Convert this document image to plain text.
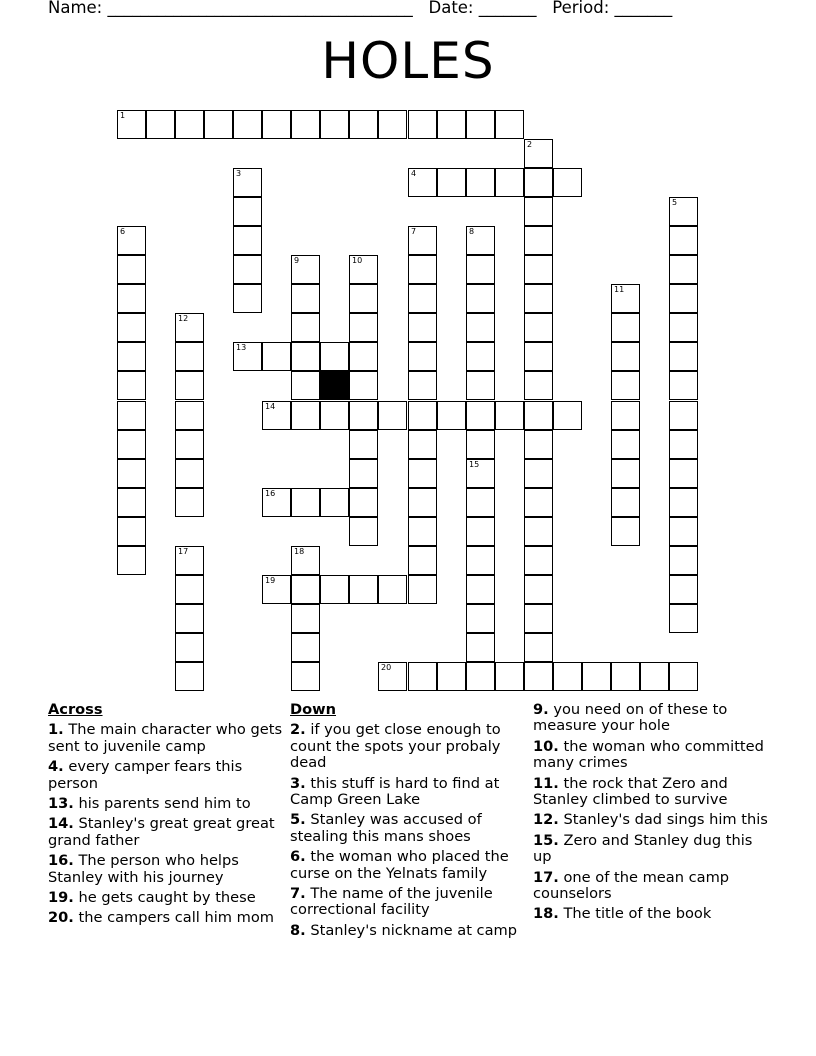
Name: _____________________________________ Date: _______ Period: _______
HOLES
1
2
3	4
5
6	7	8
9	10
11
12
13
14
15
16
17	18
19
20
Across
1. The main character who gets sent to juvenile camp
4. every camper fears this person
13. his parents send him to
14. Stanley's great great great grand father
16. The person who helps Stanley with his journey
19. he gets caught by these
20. the campers call him mom
Down
2. if you get close enough to count the spots your probaly dead
3. this stuff is hard to find at Camp Green Lake
5. Stanley was accused of stealing this mans shoes
6. the woman who placed the curse on the Yelnats family
7. The name of the juvenile correctional facility
8. Stanley's nickname at camp
9. you need on of these to measure your hole
10. the woman who committed many crimes
11. the rock that Zero and Stanley climbed to survive
12. Stanley's dad sings him this
15. Zero and Stanley dug this up
17. one of the mean camp counselors
18. The title of the book
